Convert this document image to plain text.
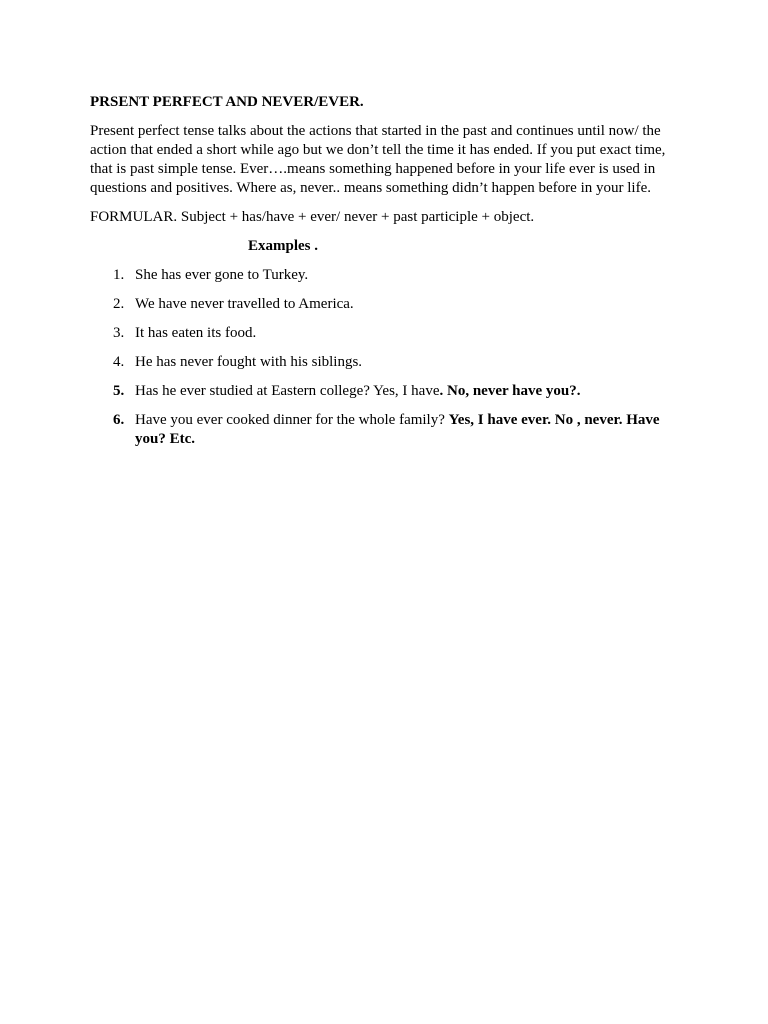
PRSENT PERFECT AND NEVER/EVER.
Present perfect tense talks about the actions that started in the past and continues until now/ the action that ended a short while ago but we don’t tell the time it has ended. If you put exact time, that is past simple tense. Ever….means something happened before in your life ever is used in questions and positives. Where as, never.. means something didn’t happen before in your life.
FORMULAR. Subject + has/have + ever/ never + past participle + object.
Examples .
1. She has ever gone to Turkey.
2. We have never travelled to America.
3. It has eaten its food.
4. He has never fought with his siblings.
5. Has he ever studied at Eastern college? Yes, I have. No, never have you?.
6. Have you ever cooked dinner for the whole family? Yes, I have ever. No , never. Have you? Etc.
